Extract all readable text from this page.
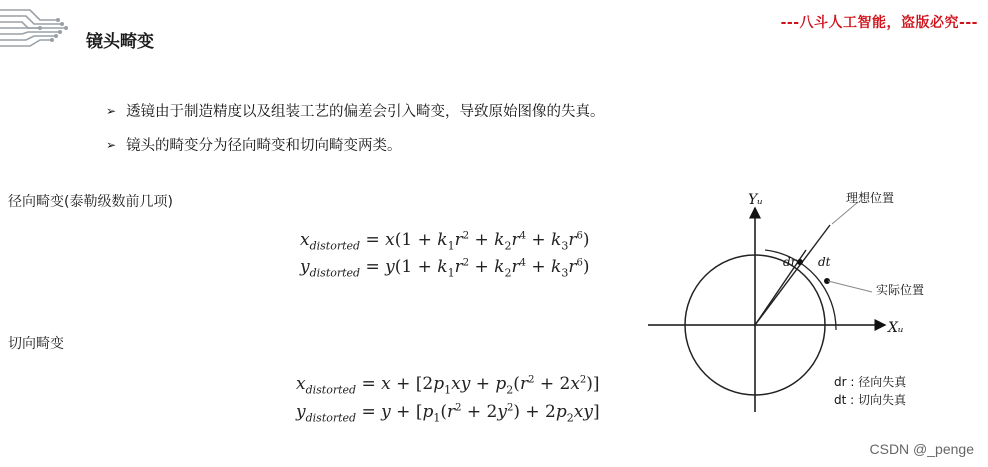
镜头畸变
---八斗人工智能，盗版必究---
➢ 透镜由于制造精度以及组装工艺的偏差会引入畸变，导致原始图像的失真。
➢ 镜头的畸变分为径向畸变和切向畸变两类。
径向畸变(泰勒级数前几项)
$x_{distorted} = x(1 + k_1r^2 + k_2r^4 + k_3r^6)$
$y_{distorted} = y(1 + k_1r^2 + k_2r^4 + k_3r^6)$
切向畸变
$x_{distorted} = x + [2p_1xy + p_2(r^2 + 2x^2)]$
$y_{distorted} = y + [p_1(r^2 + 2y^2) + 2p_2xy]$
Yᵤ
Xᵤ
理想位置
实际位置
dr dt
dr : 径向失真
dt : 切向失真
CSDN @_penge
